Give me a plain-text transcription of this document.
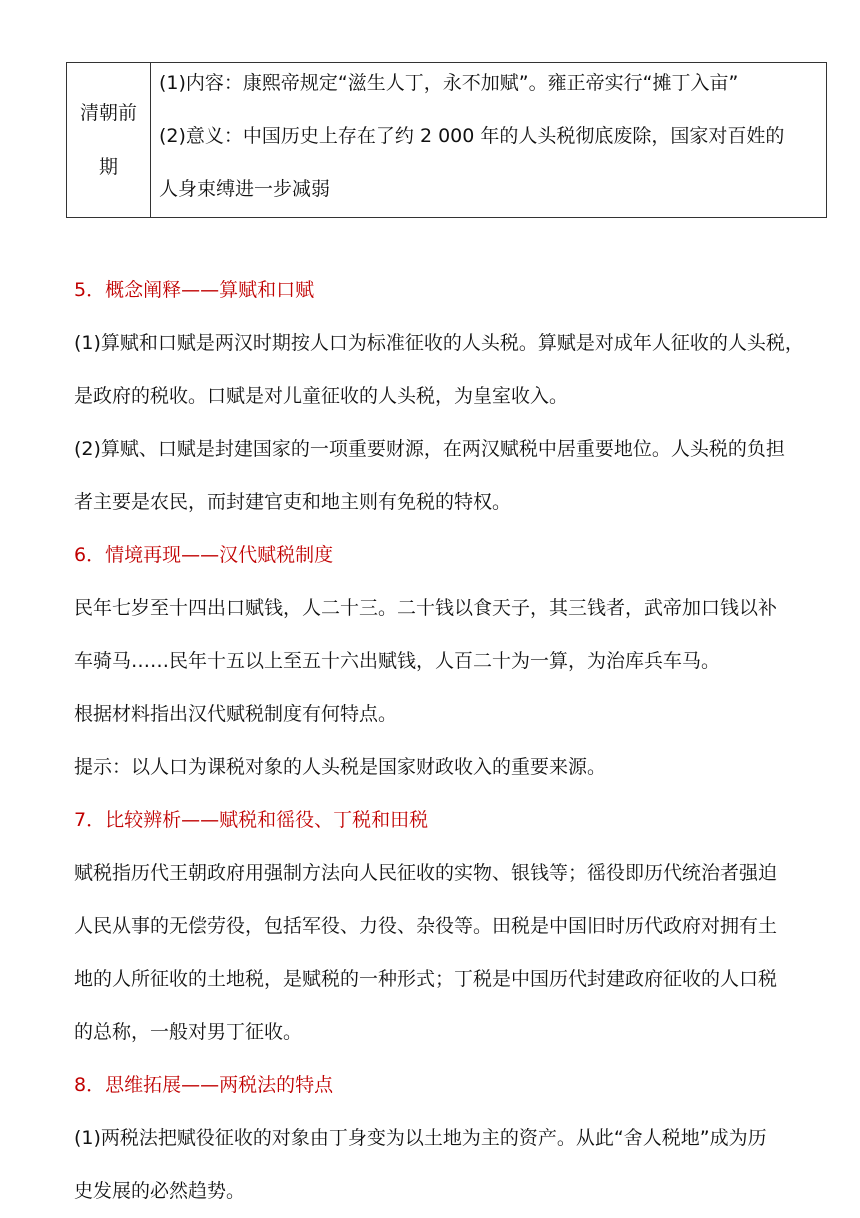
清朝前期

(1)内容：康熙帝规定“滋生人丁，永不加赋”。雍正帝实行“摊丁入亩”

(2)意义：中国历史上存在了约 2 000 年的人头税彻底废除，国家对百姓的

人身束缚进一步减弱

5．概念阐释——算赋和口赋

(1)算赋和口赋是两汉时期按人口为标准征收的人头税。算赋是对成年人征收的人头税，

是政府的税收。口赋是对儿童征收的人头税，为皇室收入。

(2)算赋、口赋是封建国家的一项重要财源，在两汉赋税中居重要地位。人头税的负担

者主要是农民，而封建官吏和地主则有免税的特权。

6．情境再现——汉代赋税制度

民年七岁至十四出口赋钱，人二十三。二十钱以食天子，其三钱者，武帝加口钱以补

车骑马……民年十五以上至五十六出赋钱，人百二十为一算，为治库兵车马。

根据材料指出汉代赋税制度有何特点。

提示：以人口为课税对象的人头税是国家财政收入的重要来源。

7．比较辨析——赋税和徭役、丁税和田税

赋税指历代王朝政府用强制方法向人民征收的实物、银钱等；徭役即历代统治者强迫

人民从事的无偿劳役，包括军役、力役、杂役等。田税是中国旧时历代政府对拥有土

地的人所征收的土地税，是赋税的一种形式；丁税是中国历代封建政府征收的人口税

的总称，一般对男丁征收。

8．思维拓展——两税法的特点

(1)两税法把赋役征收的对象由丁身变为以土地为主的资产。从此“舍人税地”成为历

史发展的必然趋势。
